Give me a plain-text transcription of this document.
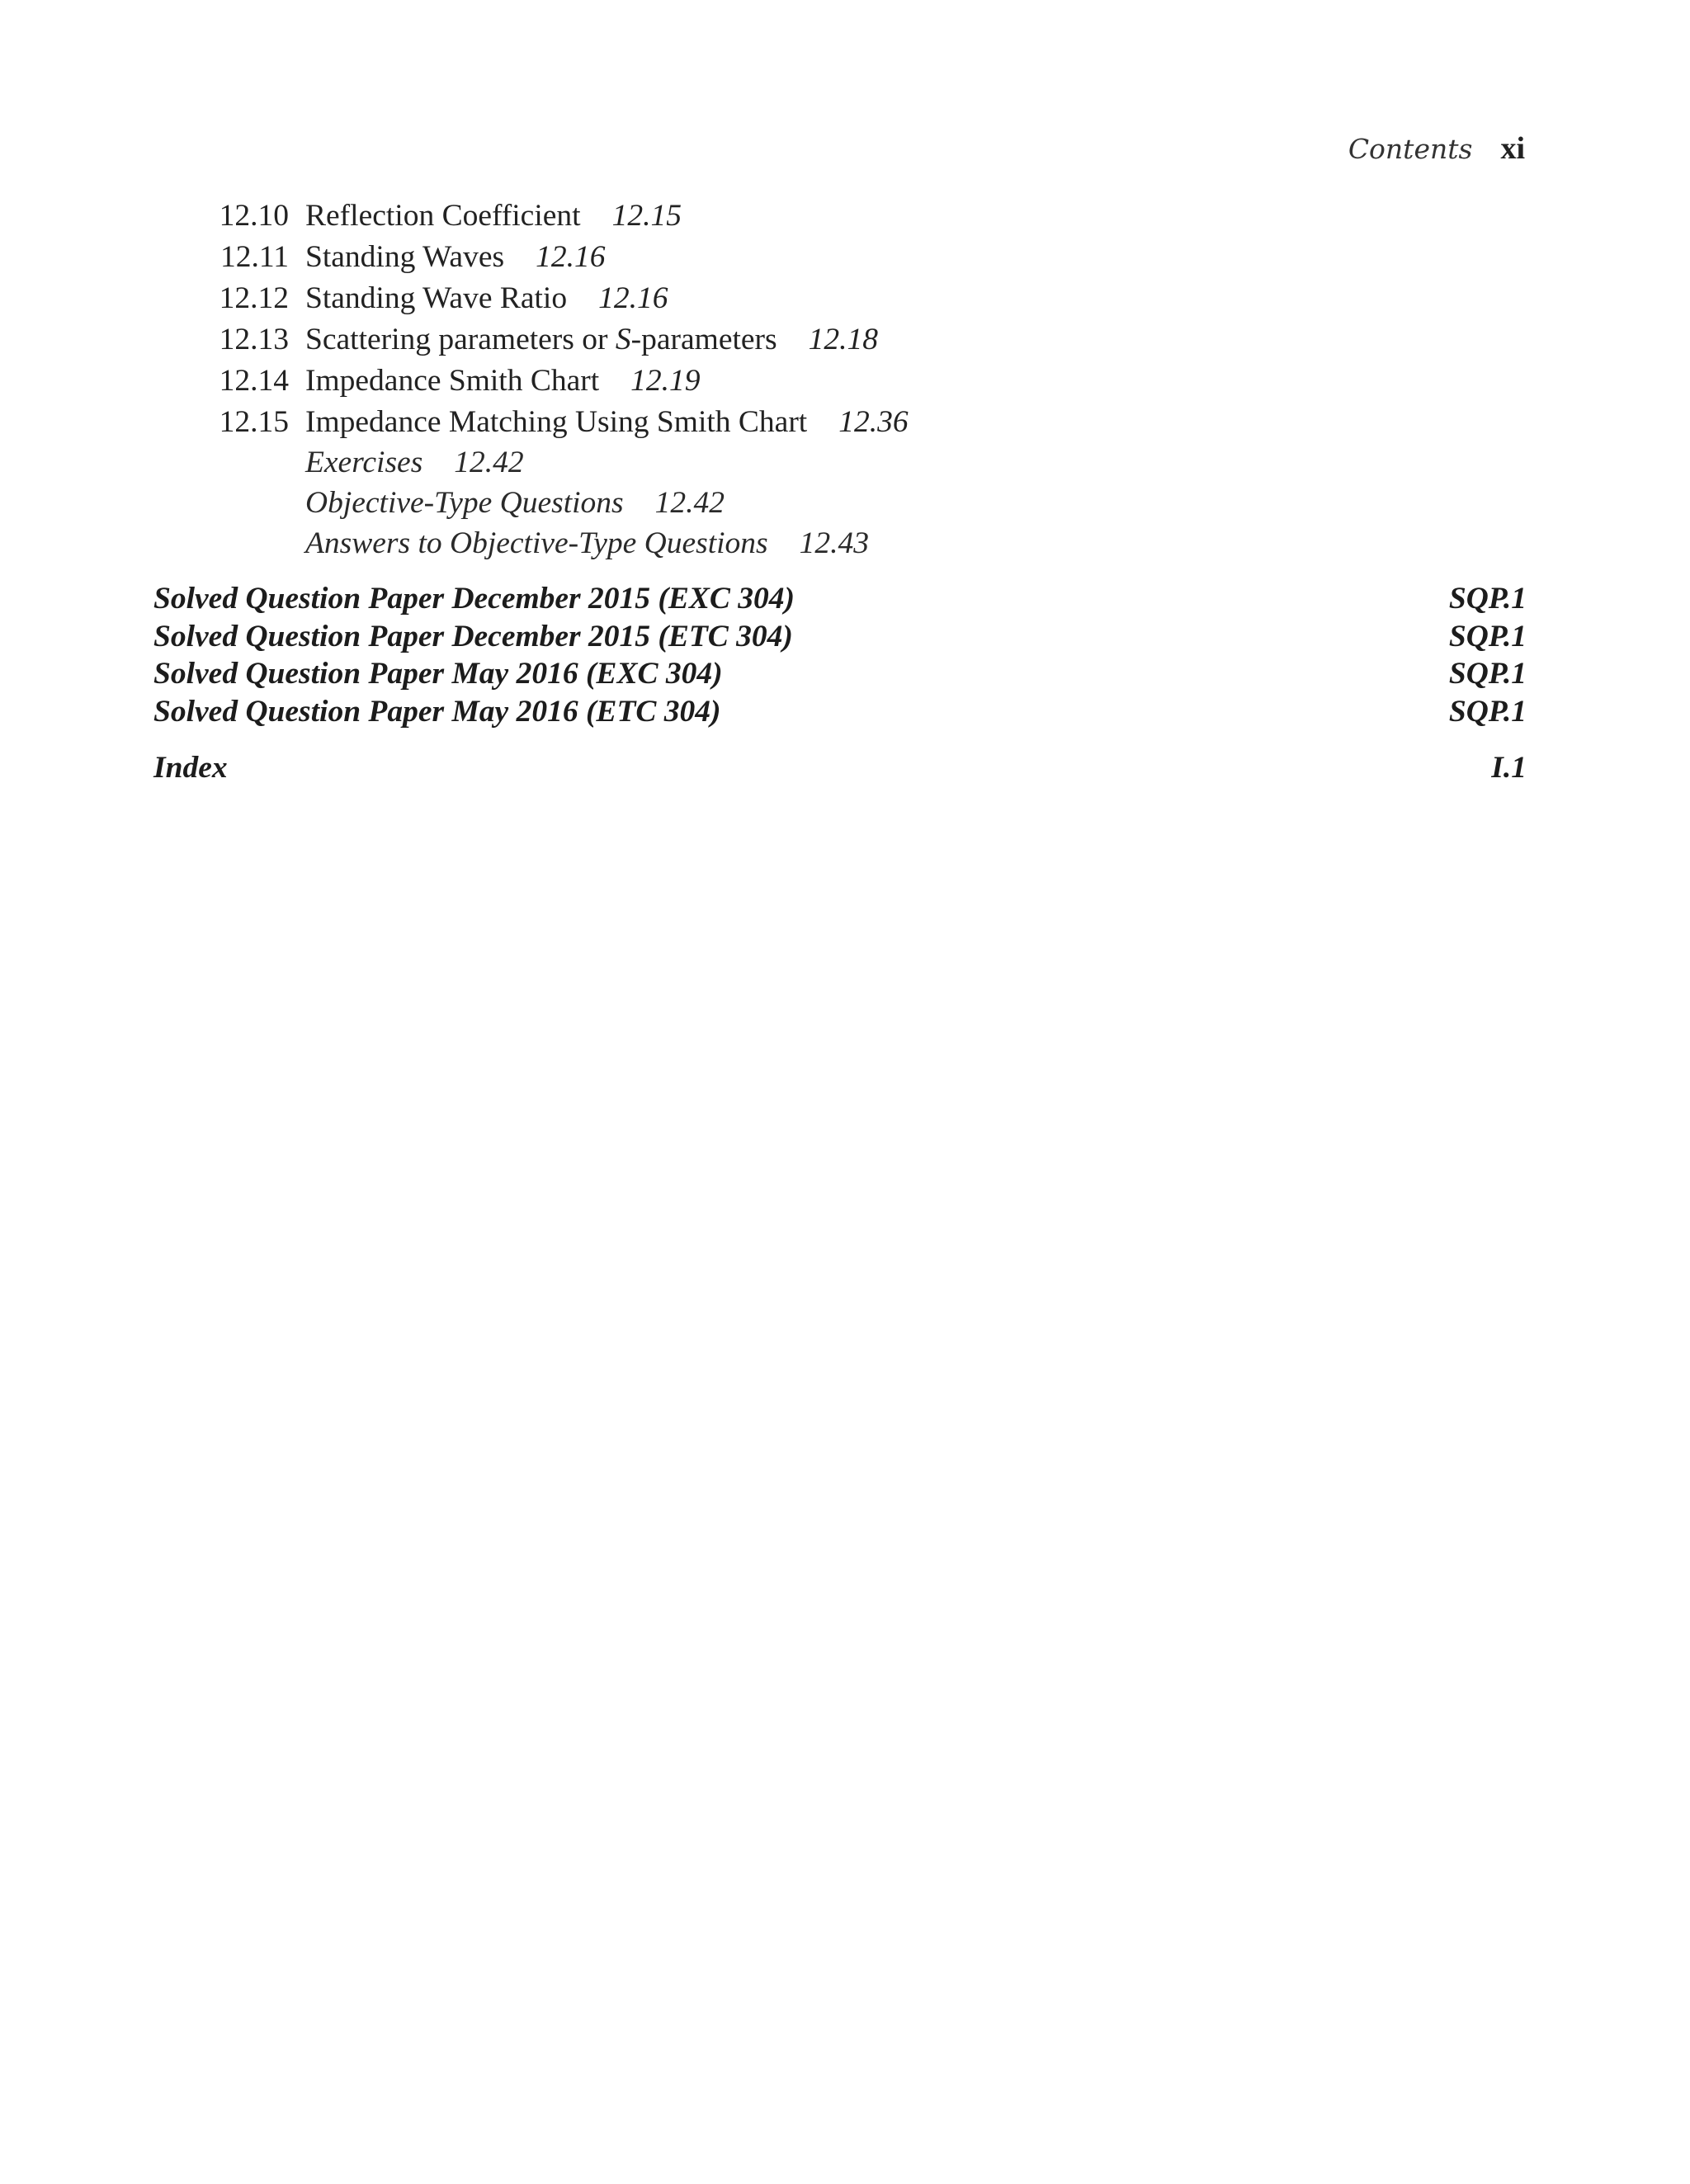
Contents xi
12.10 Reflection Coefficient 12.15
12.11 Standing Waves 12.16
12.12 Standing Wave Ratio 12.16
12.13 Scattering parameters or S-parameters 12.18
12.14 Impedance Smith Chart 12.19
12.15 Impedance Matching Using Smith Chart 12.36
Exercises 12.42
Objective-Type Questions 12.42
Answers to Objective-Type Questions 12.43
Solved Question Paper December 2015 (EXC 304)	SQP.1
Solved Question Paper December 2015 (ETC 304)	SQP.1
Solved Question Paper May 2016 (EXC 304)	SQP.1
Solved Question Paper May 2016 (ETC 304)	SQP.1
Index	I.1
